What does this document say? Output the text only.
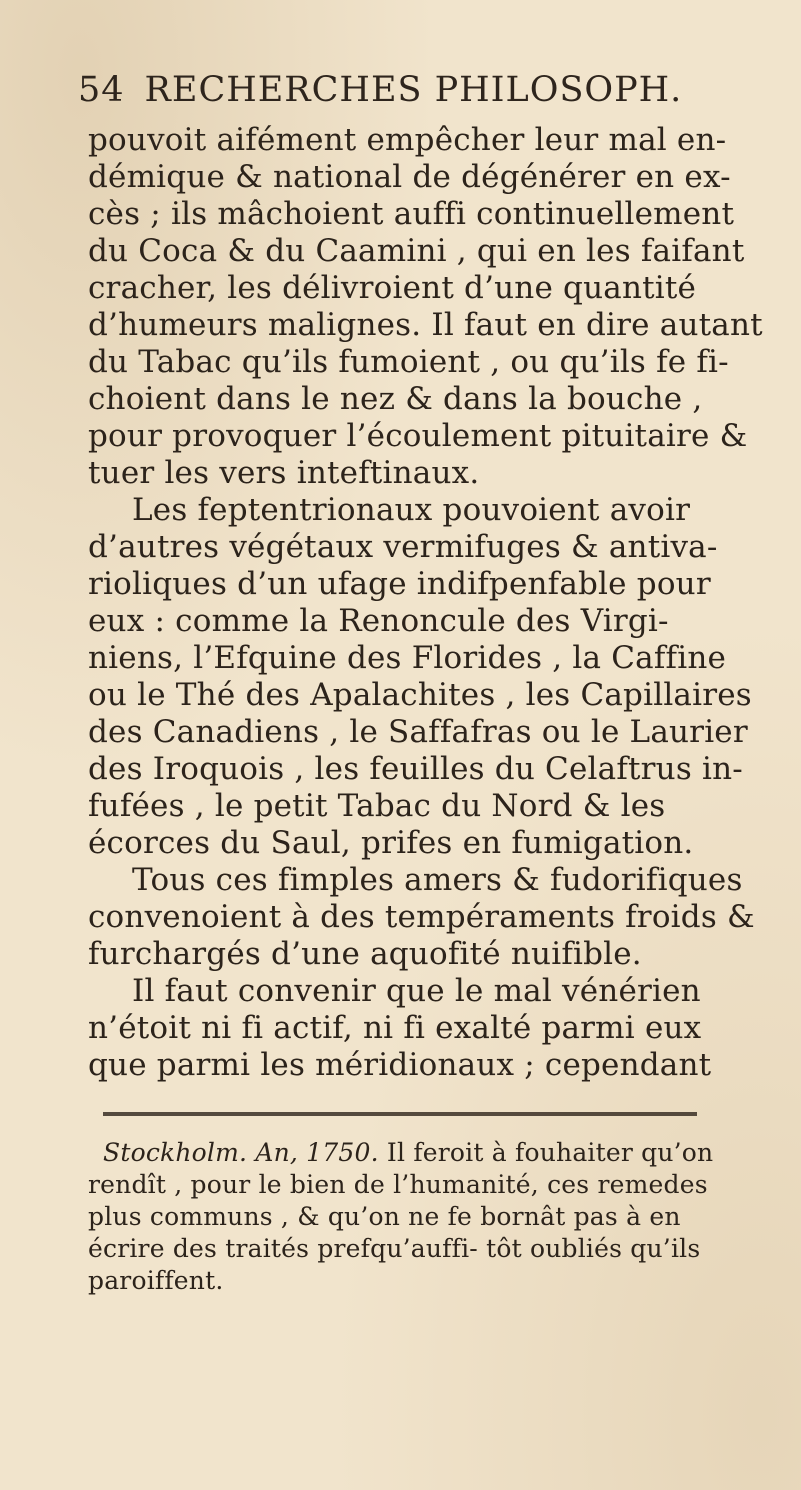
54 RECHERCHES PHILOSOPH.
pouvoit aifément empêcher leur mal en-
démique & national de dégénérer en ex-
cès ; ils mâchoient auffi continuellement
du Coca & du Caamini , qui en les faifant
cracher, les délivroient d’une quantité
d’humeurs malignes. Il faut en dire autant
du Tabac qu’ils fumoient , ou qu’ils fe fi-
choient dans le nez & dans la bouche ,
pour provoquer l’écoulement pituitaire &
tuer les vers inteftinaux.
Les feptentrionaux pouvoient avoir
d’autres végétaux vermifuges & antiva-
rioliques d’un ufage indifpenfable pour
eux : comme la Renoncule des Virgi-
niens, l’Efquine des Florides , la Caffine
ou le Thé des Apalachites , les Capillaires
des Canadiens , le Saffafras ou le Laurier
des Iroquois , les feuilles du Celaftrus in-
fufées , le petit Tabac du Nord & les
écorces du Saul, prifes en fumigation.
Tous ces fimples amers & fudorifiques
convenoient à des tempéraments froids &
furchargés d’une aquofité nuifible.
Il faut convenir que le mal vénérien
n’étoit ni fi actif, ni fi exalté parmi eux
que parmi les méridionaux ; cependant
Stockholm. An, 1750. Il feroit à fouhaiter qu’on
rendît , pour le bien de l’humanité, ces remedes
plus communs , & qu’on ne fe bornât pas à en
écrire des traités prefqu’auffi- tôt oubliés qu’ils
paroiffent.
